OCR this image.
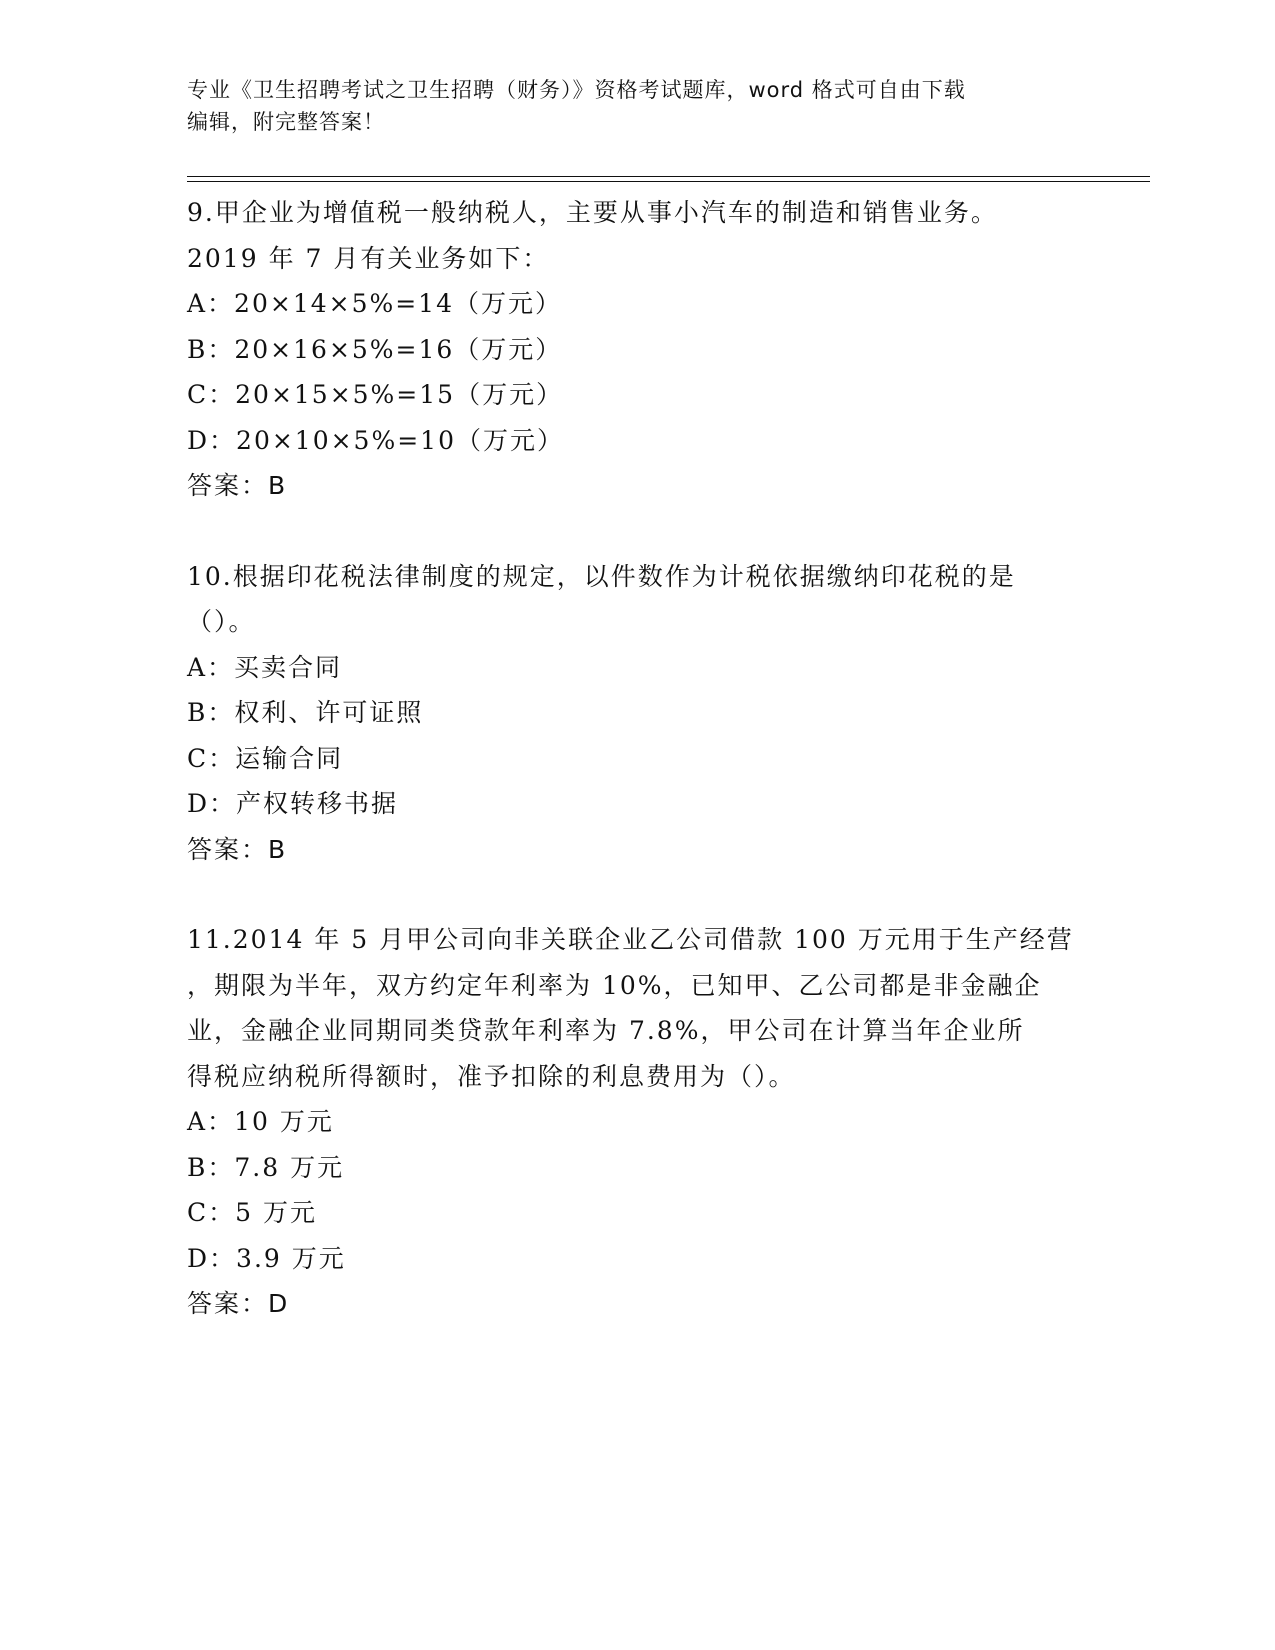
专业《卫生招聘考试之卫生招聘（财务）》资格考试题库，word 格式可自由下载
编辑，附完整答案！
9.甲企业为增值税一般纳税人，主要从事小汽车的制造和销售业务。
2019 年 7 月有关业务如下：
A：20×14×5%=14（万元）
B：20×16×5%=16（万元）
C：20×15×5%=15（万元）
D：20×10×5%=10（万元）
答案：B
10.根据印花税法律制度的规定，以件数作为计税依据缴纳印花税的是
（）。
A：买卖合同
B：权利、许可证照
C：运输合同
D：产权转移书据
答案：B
11.2014 年 5 月甲公司向非关联企业乙公司借款 100 万元用于生产经营
，期限为半年，双方约定年利率为 10%，已知甲、乙公司都是非金融企
业，金融企业同期同类贷款年利率为 7.8%，甲公司在计算当年企业所
得税应纳税所得额时，准予扣除的利息费用为（）。
A：10 万元
B：7.8 万元
C：5 万元
D：3.9 万元
答案：D
